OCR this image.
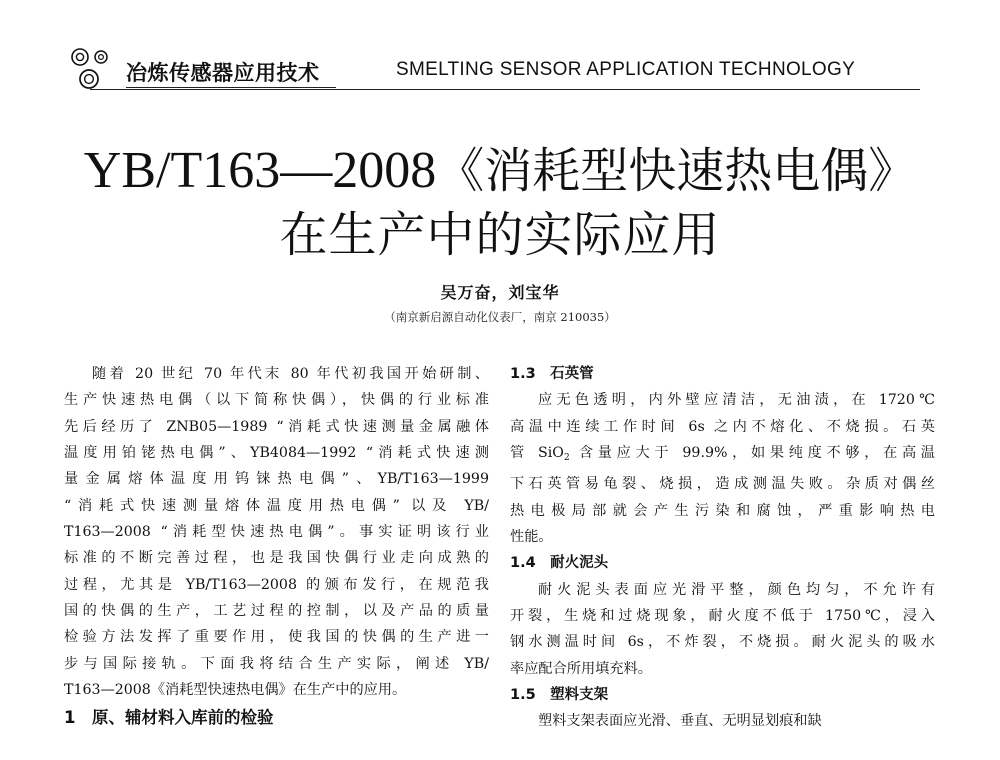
冶炼传感器应用技术	SMELTING SENSOR APPLICATION TECHNOLOGY
YB/T163—2008《消耗型快速热电偶》
在生产中的实际应用
吴万奋，刘宝华
（南京新启源自动化仪表厂，南京 210035）
随着 20 世纪 70 年代末 80 年代初我国开始研制、
生产快速热电偶（以下简称快偶），快偶的行业标准
先后经历了 ZNB05—1989 “消耗式快速测量金属融体
温度用铂铑热电偶”、YB4084—1992 “消耗式快速测
量金属熔体温度用钨铼热电偶”、YB/T163—1999
“消耗式快速测量熔体温度用热电偶” 以及 YB/
T163—2008 “消耗型快速热电偶”。事实证明该行业
标准的不断完善过程，也是我国快偶行业走向成熟的
过程，尤其是 YB/T163—2008 的颁布发行，在规范我
国的快偶的生产，工艺过程的控制，以及产品的质量
检验方法发挥了重要作用，使我国的快偶的生产进一
步与国际接轨。下面我将结合生产实际，阐述 YB/
T163—2008《消耗型快速热电偶》在生产中的应用。

1　原、辅材料入库前的检验

1.3　石英管

应无色透明，内外壁应清洁，无油渍，在 1720℃
高温中连续工作时间 6s 之内不熔化、不烧损。石英
管 SiO$_2$ 含量应大于 99.9%，如果纯度不够，在高温
下石英管易龟裂、烧损，造成测温失败。杂质对偶丝
热电极局部就会产生污染和腐蚀，严重影响热电
性能。

1.4　耐火泥头

耐火泥头表面应光滑平整，颜色均匀，不允许有
开裂，生烧和过烧现象，耐火度不低于 1750℃，浸入
钢水测温时间 6s，不炸裂，不烧损。耐火泥头的吸水
率应配合所用填充料。

1.5　塑料支架

塑料支架表面应光滑、垂直、无明显划痕和缺
